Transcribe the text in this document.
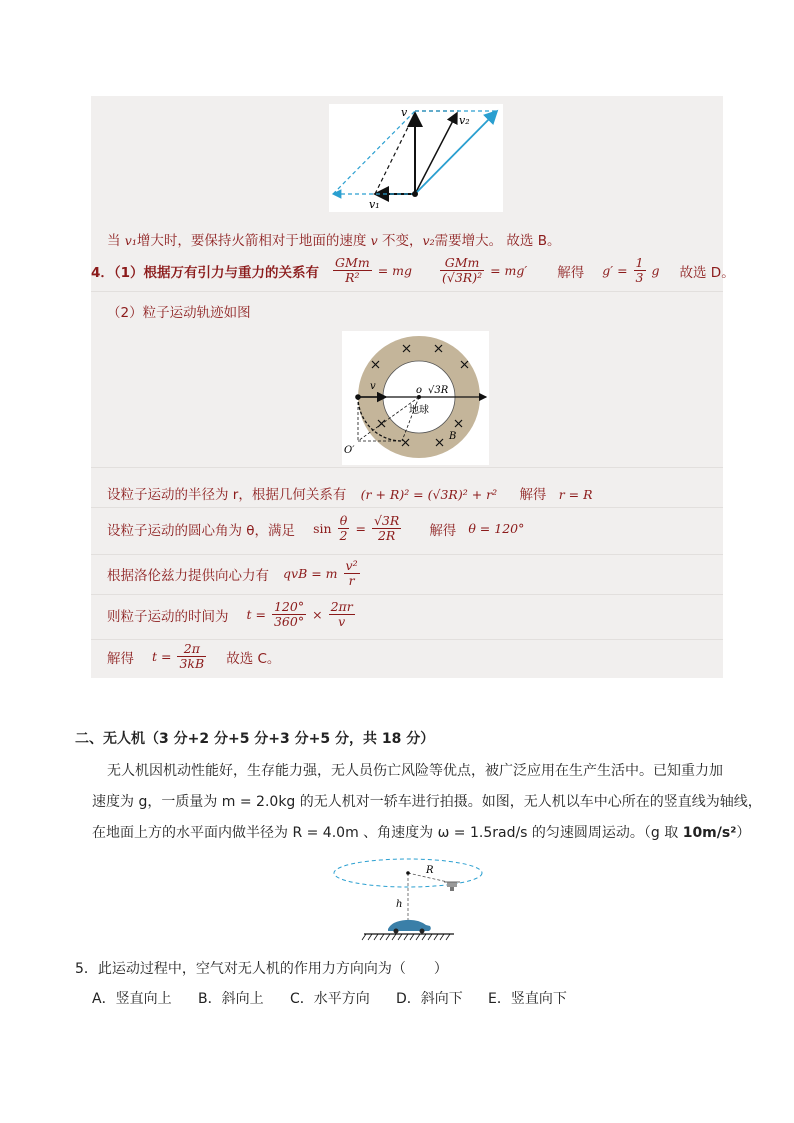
v
v₂
v₁
当 v₁增大时，要保持火箭相对于地面的速度 v 不变，v₂需要增大。 故选 B。
4．（1）根据万有引力与重力的关系有 $\frac{\text{GMm}}{\text{R²}}$ = mg $\frac{\text{GMm}}{\text{(√3R)²}} = mg'$ 解得 $g' = \frac{1}{3}$ g 故选 D。
（2）粒子运动轨迹如图
v	o √3R
地球
B
O′
设粒子运动的半径为 r，根据几何关系有 (r + R)² = (√3R)² + r² 解得 r = R
设粒子运动的圆心角为 θ，满足 $\sin \frac{\theta}{2} = \frac{√3R}{2R}$ 解得 θ = 120°
根据洛伦兹力提供向心力有 qvB = m $\frac{\text{v²}}{r}$
则粒子运动的时间为 $t = \frac{120^\circ}{360^\circ} \times \frac{2\pi r}{v}$
解得 $t = \frac{2\pi}{3kB}$ 故选 C。
二、无人机（3 分+2 分+5 分+3 分+5 分，共 18 分）
无人机因机动性能好，生存能力强，无人员伤亡风险等优点，被广泛应用在生产生活中。已知重力加
速度为 g，一质量为 m = 2.0kg 的无人机对一轿车进行拍摄。如图，无人机以车中心所在的竖直线为轴线，
在地面上方的水平面内做半径为 R = 4.0m 、角速度为 ω = 1.5rad/s 的匀速圆周运动。（g 取 10m/s²）
R
h
5．此运动过程中，空气对无人机的作用力方向向为（　　）
A．竖直向上 B．斜向上 C．水平方向 D．斜向下 E．竖直向下
